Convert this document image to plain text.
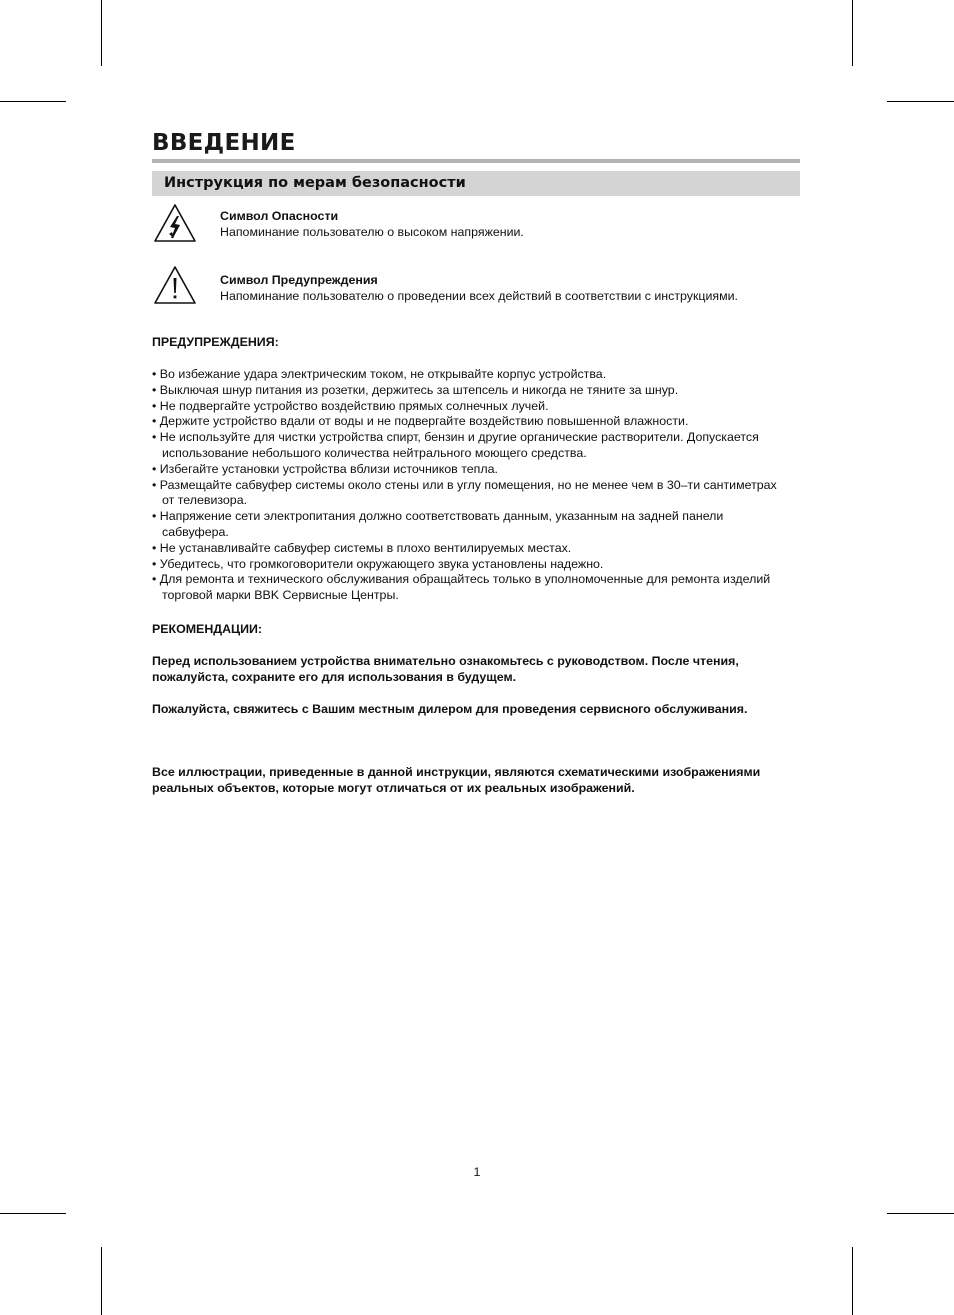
ВВЕДЕНИЕ
Инструкция по мерам безопасности
Символ Опасности
Напоминание пользователю о высоком напряжении.
Символ Предупреждения
Напоминание пользователю о проведении всех действий в соответствии с инструкциями.

ПРЕДУПРЕЖДЕНИЯ:

• Во избежание удара электрическим током, не открывайте корпус устройства.
• Выключая шнур питания из розетки, держитесь за штепсель и никогда не тяните за шнур.
• Не подвергайте устройство воздействию прямых солнечных лучей.
• Держите устройство вдали от воды и не подвергайте воздействию повышенной влажности.
• Не используйте для чистки устройства спирт, бензин и другие органические растворители. Допускается использование небольшого количества нейтрального моющего средства.
• Избегайте установки устройства вблизи источников тепла.
• Размещайте сабвуфер системы около стены или в углу помещения, но не менее чем в 30–ти сантиметрах от телевизора.
• Напряжение сети электропитания должно соответствовать данным, указанным на задней панели сабвуфера.
• Не устанавливайте сабвуфер системы в плохо вентилируемых местах.
• Убедитесь, что громкоговорители окружающего звука установлены надежно.
• Для ремонта и технического обслуживания обращайтесь только в уполномоченные для ремонта изделий торговой марки BBK Сервисные Центры.

РЕКОМЕНДАЦИИ:

Перед использованием устройства внимательно ознакомьтесь с руководством. После чтения, пожалуйста, сохраните его для использования в будущем.

Пожалуйста, свяжитесь с Вашим местным дилером для проведения сервисного обслуживания.

Все иллюстрации, приведенные в данной инструкции, являются схематическими изображениями реальных объектов, которые могут отличаться от их реальных изображений.

1
